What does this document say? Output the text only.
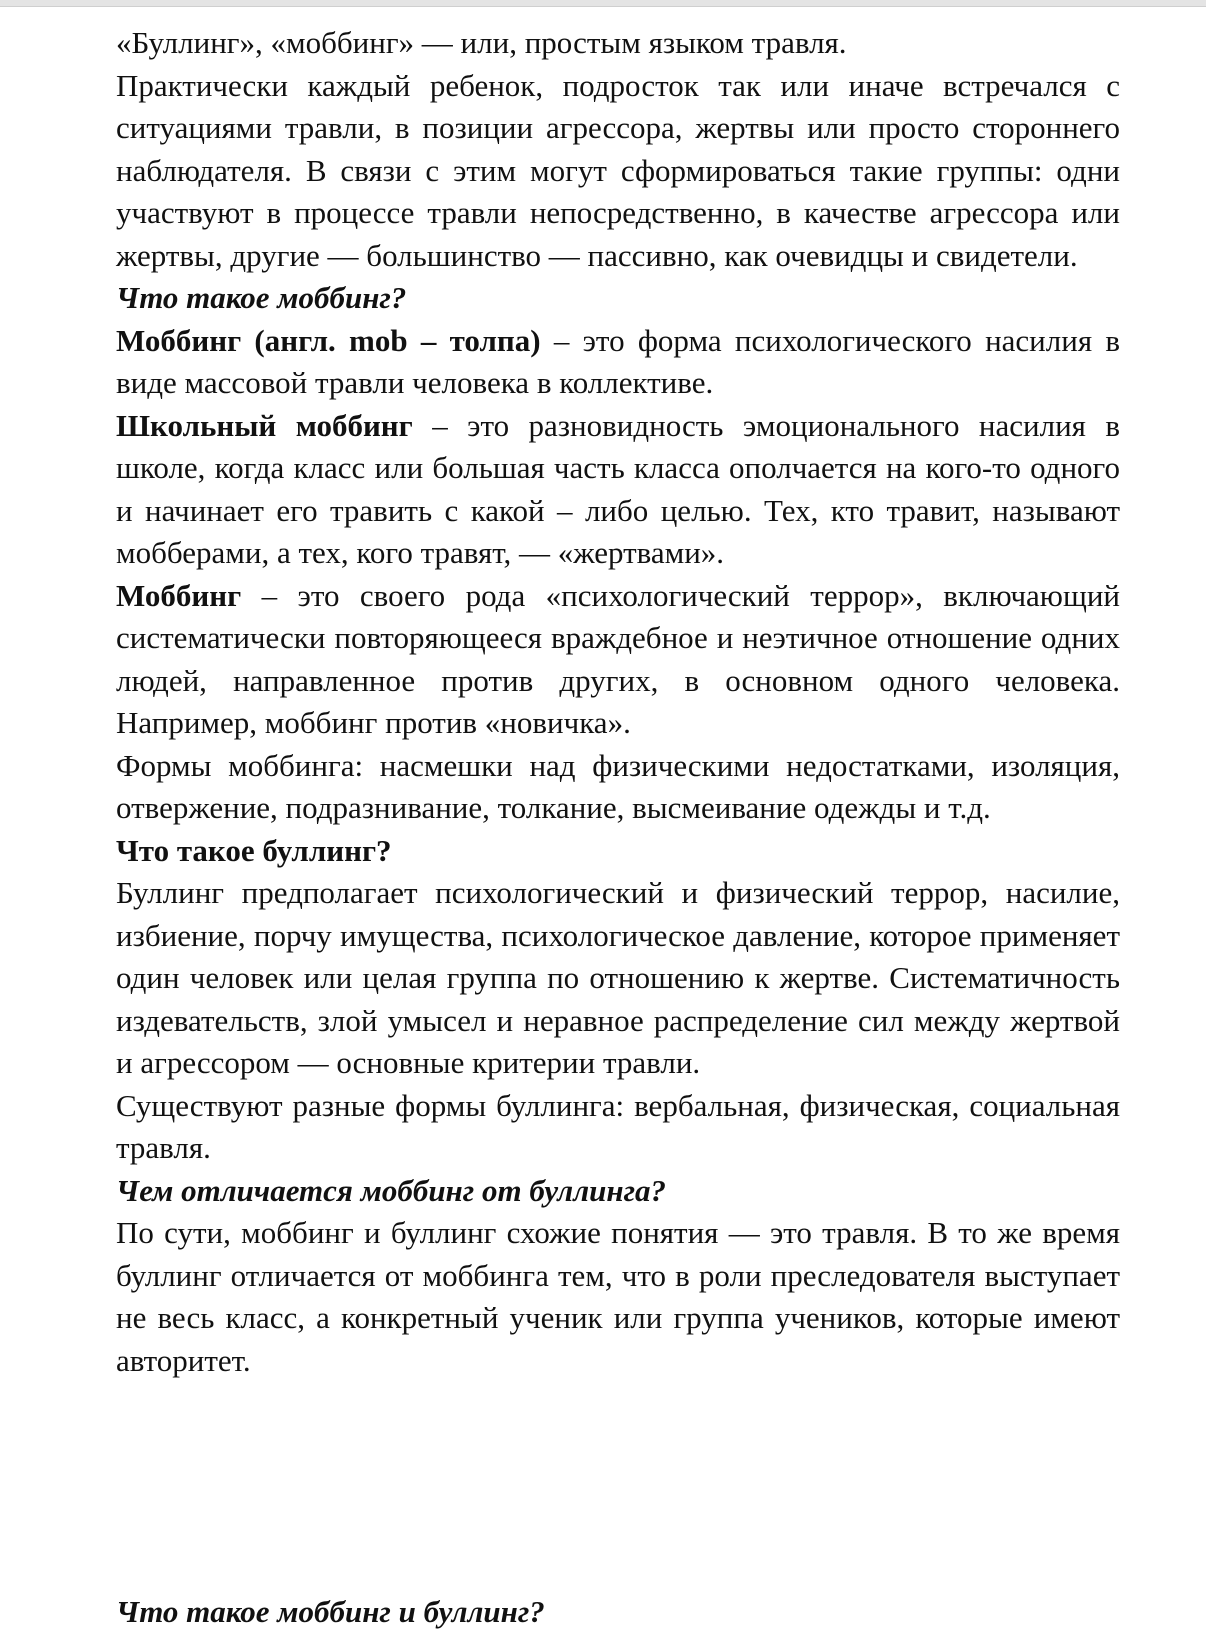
«Буллинг», «моббинг» — или, простым языком травля.

Практически каждый ребенок, подросток так или иначе встречался с ситуациями травли, в позиции агрессора, жертвы или просто стороннего наблюдателя. В связи с этим могут сформироваться такие группы: одни участвуют в процессе травли непосредственно, в качестве агрессора или жертвы, другие — большинство — пассивно, как очевидцы и свидетели.

Что такое моббинг?

Моббинг (англ. mob – толпа) – это форма психологического насилия в виде массовой травли человека в коллективе.

Школьный моббинг – это разновидность эмоционального насилия в школе, когда класс или большая часть класса ополчается на кого-то одного и начинает его травить с какой – либо целью. Тех, кто травит, называют мобберами, а тех, кого травят, — «жертвами».

Моббинг – это своего рода «психологический террор», включающий систематически повторяющееся враждебное и неэтичное отношение одних людей, направленное против других, в основном одного человека. Например, моббинг против «новичка».

Формы моббинга: насмешки над физическими недостатками, изоляция, отвержение, подразнивание, толкание, высмеивание одежды и т.д.

Что такое буллинг?

Буллинг предполагает психологический и физический террор, насилие, избиение, порчу имущества, психологическое давление, которое применяет один человек или целая группа по отношению к жертве. Систематичность издевательств, злой умысел и неравное распределение сил между жертвой и агрессором — основные критерии травли.

Существуют разные формы буллинга: вербальная, физическая, социальная травля.

Чем отличается моббинг от буллинга?

По сути, моббинг и буллинг схожие понятия — это травля. В то же время буллинг отличается от моббинга тем, что в роли преследователя выступает не весь класс, а конкретный ученик или группа учеников, которые имеют авторитет.

Что такое моббинг и буллинг?
